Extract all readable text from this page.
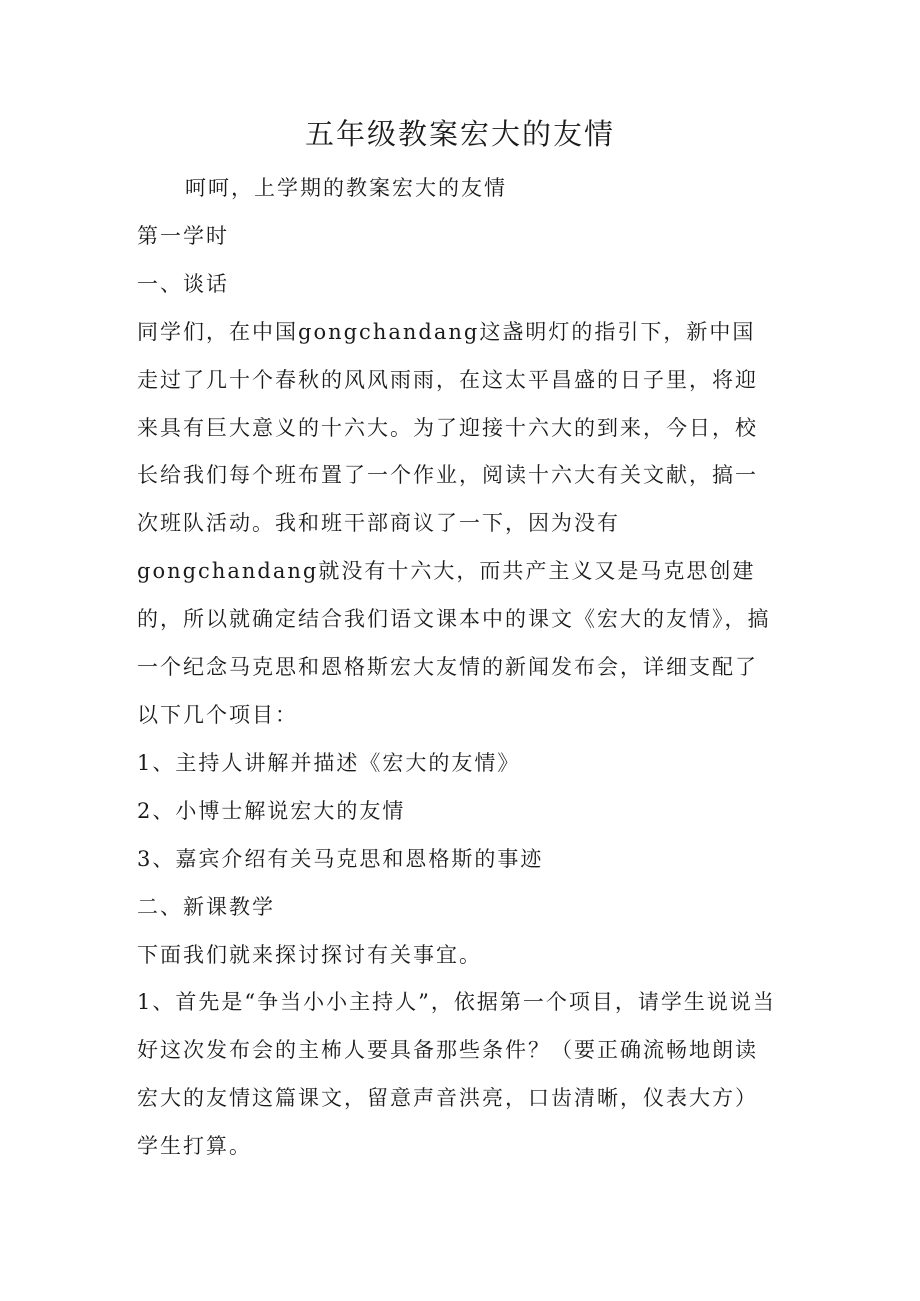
五年级教案宏大的友情

呵呵，上学期的教案宏大的友情

第一学时

一、谈话

同学们，在中国gongchandang这盏明灯的指引下，新中国走过了几十个春秋的风风雨雨，在这太平昌盛的日子里，将迎来具有巨大意义的十六大。为了迎接十六大的到来，今日，校长给我们每个班布置了一个作业，阅读十六大有关文献，搞一次班队活动。我和班干部商议了一下，因为没有gongchandang就没有十六大，而共产主义又是马克思创建的，所以就确定结合我们语文课本中的课文《宏大的友情》，搞一个纪念马克思和恩格斯宏大友情的新闻发布会，详细支配了以下几个项目：

1、主持人讲解并描述《宏大的友情》

2、小博士解说宏大的友情

3、嘉宾介绍有关马克思和恩格斯的事迹

二、新课教学

下面我们就来探讨探讨有关事宜。

1、首先是“争当小小主持人”，依据第一个项目，请学生说说当好这次发布会的主柨人要具备那些条件？（要正确流畅地朗读宏大的友情这篇课文，留意声音洪亮，口齿清晰，仪表大方）

学生打算。
